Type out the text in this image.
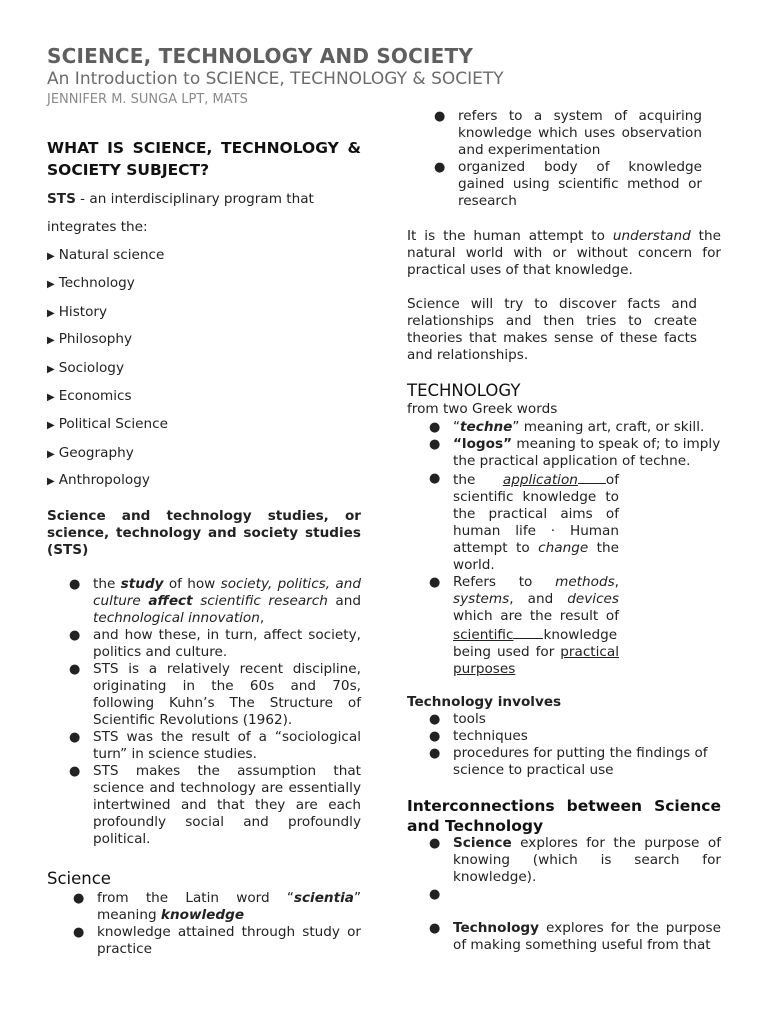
SCIENCE, TECHNOLOGY AND SOCIETY
An Introduction to SCIENCE, TECHNOLOGY & SOCIETY
JENNIFER M. SUNGA LPT, MATS
WHAT IS SCIENCE, TECHNOLOGY & SOCIETY SUBJECT?
STS - an interdisciplinary program that
integrates the:
▶ Natural science
▶ Technology
▶ History
▶ Philosophy
▶ Sociology
▶ Economics
▶ Political Science
▶ Geography
▶ Anthropology
Science and technology studies, or science, technology and society studies (STS)
● the study of how society, politics, and culture affect scientific research and technological innovation,
● and how these, in turn, affect society, politics and culture.
● STS is a relatively recent discipline, originating in the 60s and 70s, following Kuhn’s The Structure of Scientific Revolutions (1962).
● STS was the result of a “sociological turn” in science studies.
● STS makes the assumption that science and technology are essentially intertwined and that they are each profoundly social and profoundly political.
Science
● from the Latin word “scientia” meaning knowledge
● knowledge attained through study or practice
● refers to a system of acquiring knowledge which uses observation and experimentation
● organized body of knowledge gained using scientific method or research
It is the human attempt to understand the natural world with or without concern for practical uses of that knowledge.
Science will try to discover facts and relationships and then tries to create theories that makes sense of these facts and relationships.
TECHNOLOGY
from two Greek words
● “techne” meaning art, craft, or skill.
● “logos” meaning to speak of; to imply the practical application of techne.
● the application of scientific knowledge to the practical aims of human life · Human attempt to change the world.
● Refers to methods, systems, and devices which are the result of scientific knowledge being used for practical purposes
Technology involves
● tools
● techniques
● procedures for putting the findings of science to practical use
Interconnections between Science and Technology
● Science explores for the purpose of knowing (which is search for knowledge).
●
● Technology explores for the purpose of making something useful from that
